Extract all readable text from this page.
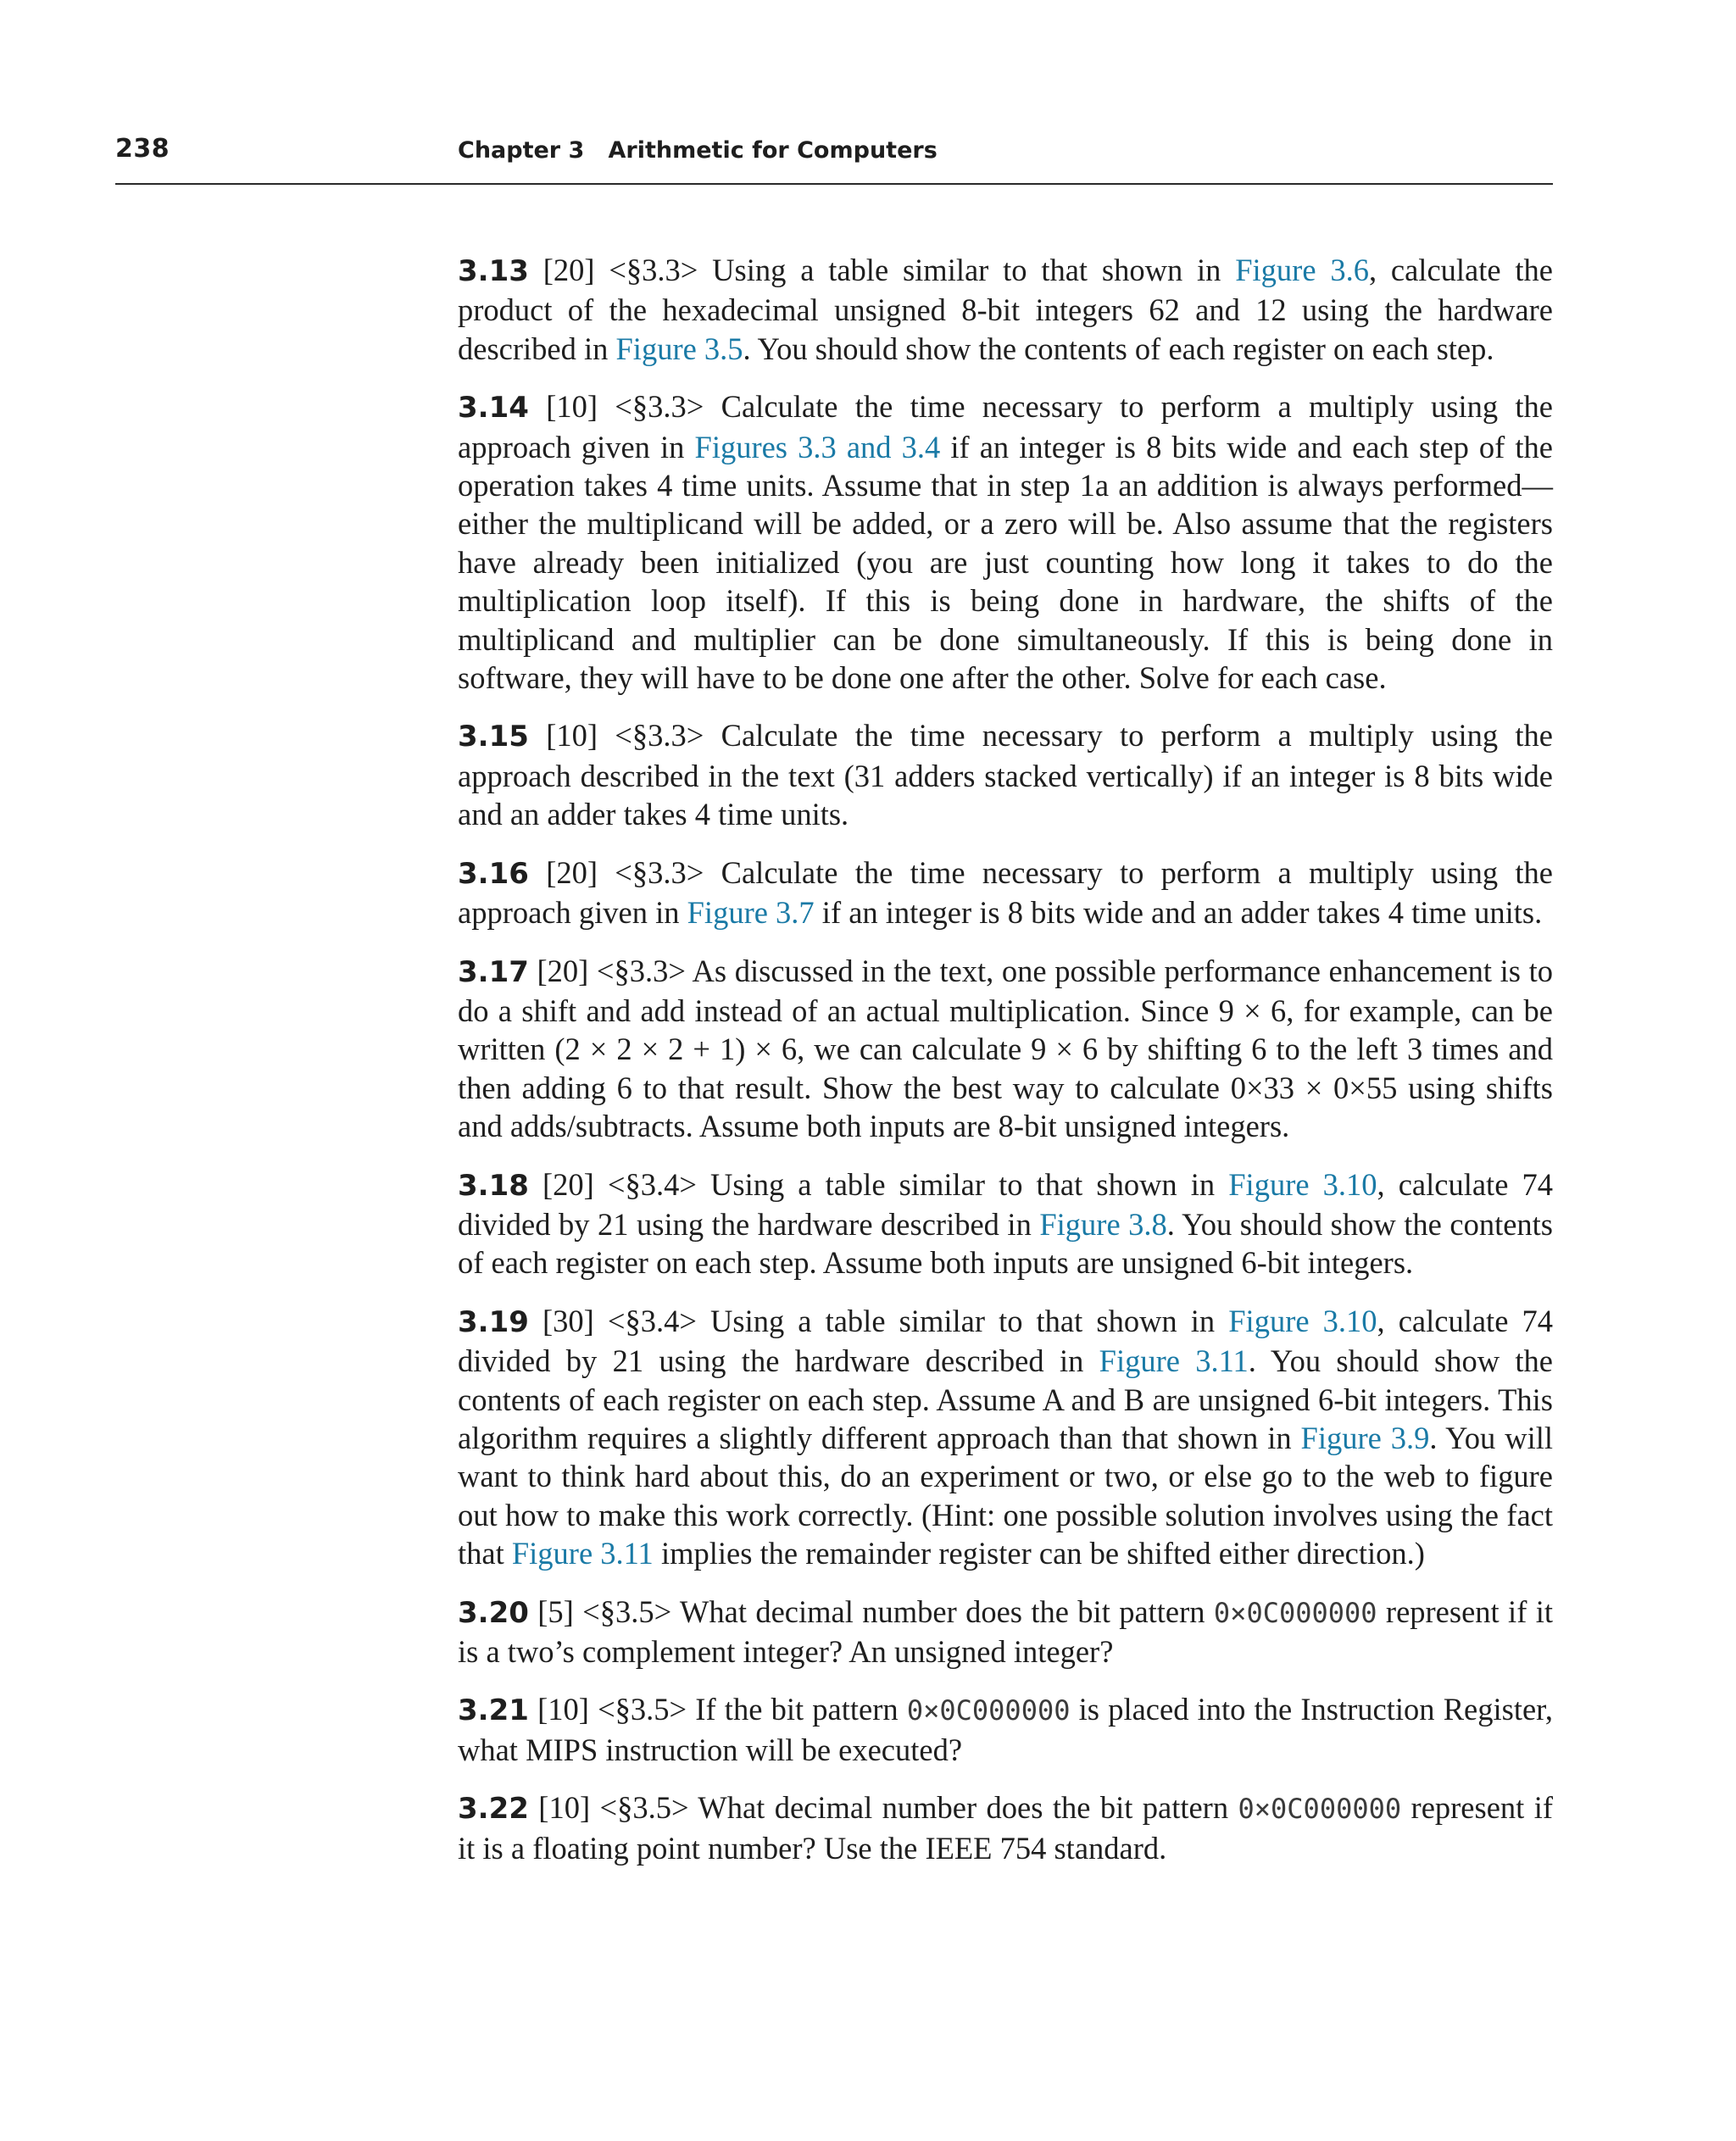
238	Chapter 3   Arithmetic for Computers

3.13 [20] <§3.3> Using a table similar to that shown in Figure 3.6, calculate the product of the hexadecimal unsigned 8-bit integers 62 and 12 using the hardware described in Figure 3.5. You should show the contents of each register on each step.

3.14 [10] <§3.3> Calculate the time necessary to perform a multiply using the approach given in Figures 3.3 and 3.4 if an integer is 8 bits wide and each step of the operation takes 4 time units. Assume that in step 1a an addition is always performed—either the multiplicand will be added, or a zero will be. Also assume that the registers have already been initialized (you are just counting how long it takes to do the multiplication loop itself). If this is being done in hardware, the shifts of the multiplicand and multiplier can be done simultaneously. If this is being done in software, they will have to be done one after the other. Solve for each case.

3.15 [10] <§3.3> Calculate the time necessary to perform a multiply using the approach described in the text (31 adders stacked vertically) if an integer is 8 bits wide and an adder takes 4 time units.

3.16 [20] <§3.3> Calculate the time necessary to perform a multiply using the approach given in Figure 3.7 if an integer is 8 bits wide and an adder takes 4 time units.

3.17 [20] <§3.3> As discussed in the text, one possible performance enhancement is to do a shift and add instead of an actual multiplication. Since 9 × 6, for example, can be written (2 × 2 × 2 + 1) × 6, we can calculate 9 × 6 by shifting 6 to the left 3 times and then adding 6 to that result. Show the best way to calculate 0×33 × 0×55 using shifts and adds/subtracts. Assume both inputs are 8-bit unsigned integers.

3.18 [20] <§3.4> Using a table similar to that shown in Figure 3.10, calculate 74 divided by 21 using the hardware described in Figure 3.8. You should show the contents of each register on each step. Assume both inputs are unsigned 6-bit integers.

3.19 [30] <§3.4> Using a table similar to that shown in Figure 3.10, calculate 74 divided by 21 using the hardware described in Figure 3.11. You should show the contents of each register on each step. Assume A and B are unsigned 6-bit integers. This algorithm requires a slightly different approach than that shown in Figure 3.9. You will want to think hard about this, do an experiment or two, or else go to the web to figure out how to make this work correctly. (Hint: one possible solution involves using the fact that Figure 3.11 implies the remainder register can be shifted either direction.)

3.20 [5] <§3.5> What decimal number does the bit pattern 0×0C000000 represent if it is a two’s complement integer? An unsigned integer?

3.21 [10] <§3.5> If the bit pattern 0×0C000000 is placed into the Instruction Register, what MIPS instruction will be executed?

3.22 [10] <§3.5> What decimal number does the bit pattern 0×0C000000 represent if it is a floating point number? Use the IEEE 754 standard.
